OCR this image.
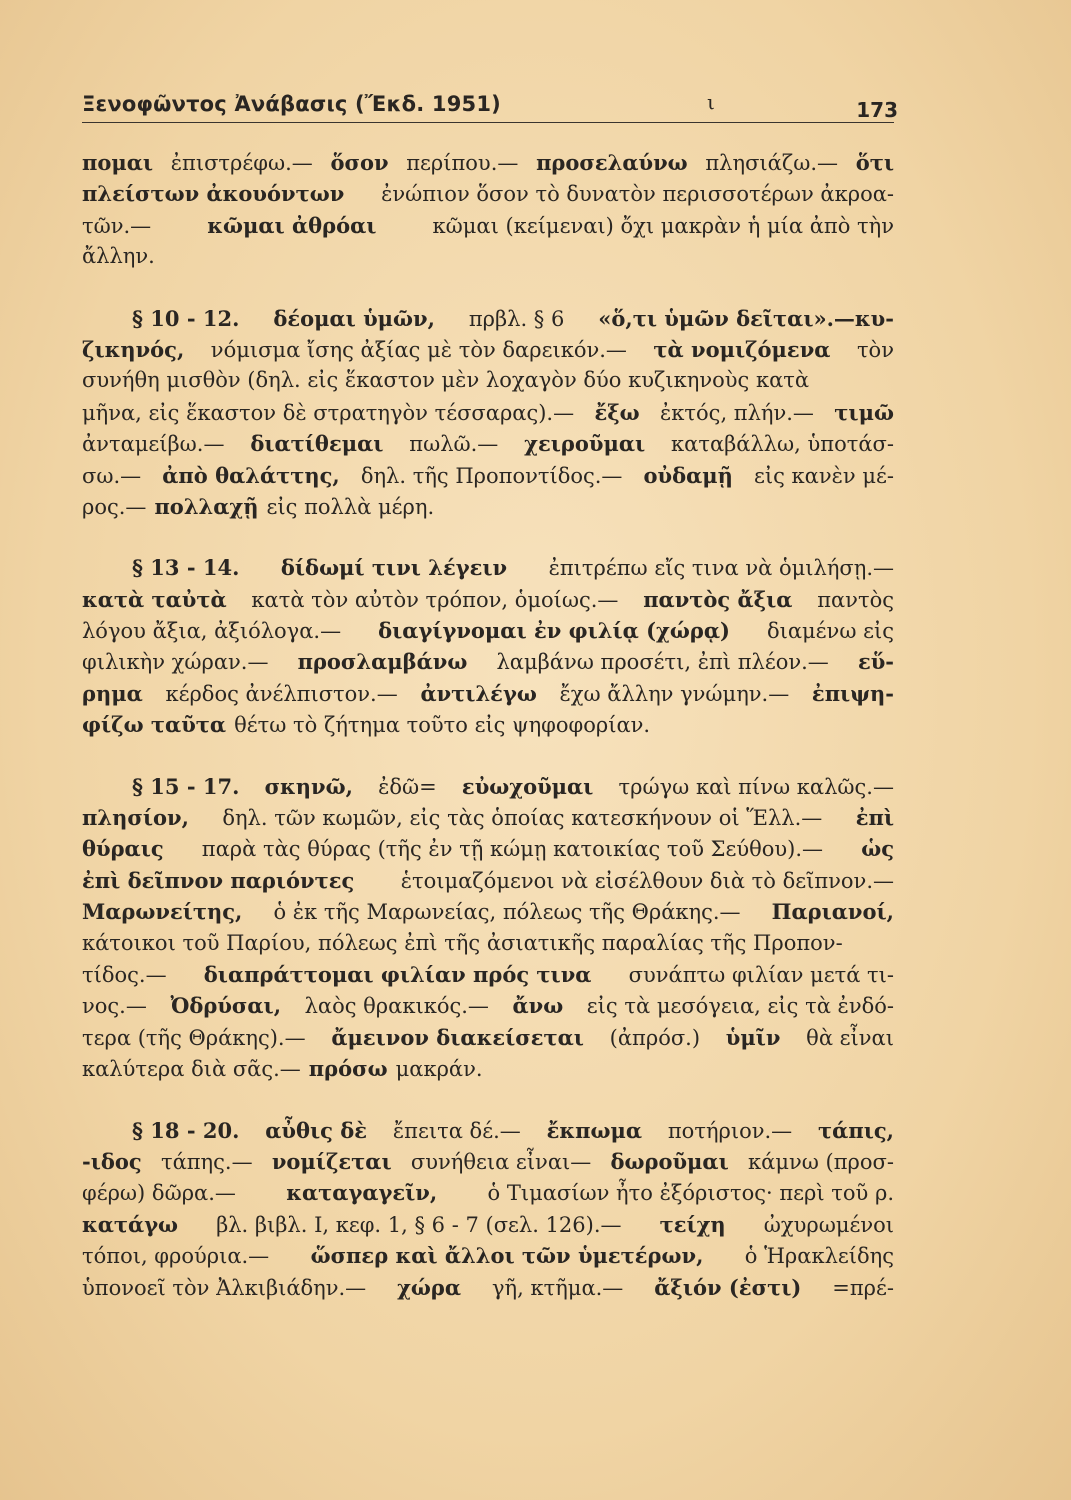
Ξενοφῶντος Ἀνάβασις (Ἔκδ. 1951)	ι	173
πομαι ἐπιστρέφω.— ὅσον περίπου.— προσελαύνω πλησιάζω.— ὅτι
πλείστων ἀκουόντων ἐνώπιον ὅσον τὸ δυνατὸν περισσοτέρων ἀκροα-
τῶν.—	κῶμαι ἀθρόαι	κῶμαι (κείμεναι) ὄχι μακρὰν ἡ μία ἀπὸ τὴν
ἄλλην.
§ 10 - 12. δέομαι ὑμῶν, πρβλ. § 6 «ὅ,τι ὑμῶν δεῖται».—κυ-
ζικηνός, νόμισμα ἴσης ἀξίας μὲ τὸν δαρεικόν.— τὰ νομιζόμενα τὸν
συνήθη μισθὸν (δηλ. εἰς ἕκαστον μὲν λοχαγὸν δύο κυζικηνοὺς κατὰ
μῆνα, εἰς ἕκαστον δὲ στρατηγὸν τέσσαρας).— ἔξω ἐκτός, πλήν.— τιμῶ
ἀνταμείβω.— διατίθεμαι πωλῶ.— χειροῦμαι καταβάλλω, ὑποτάσ-
σω.— ἀπὸ θαλάττης, δηλ. τῆς Προποντίδος.— οὐδαμῇ εἰς κανὲν μέ-
ρος.— πολλαχῇ εἰς πολλὰ μέρη.
§ 13 - 14. δίδωμί τινι λέγειν ἐπιτρέπω εἴς τινα νὰ ὁμιλήσῃ.—
κατὰ ταὐτὰ κατὰ τὸν αὐτὸν τρόπον, ὁμοίως.— παντὸς ἄξια παντὸς
λόγου ἄξια, ἀξιόλογα.— διαγίγνομαι ἐν φιλίᾳ (χώρᾳ) διαμένω εἰς
φιλικὴν χώραν.— προσλαμβάνω λαμβάνω προσέτι, ἐπὶ πλέον.— εὕ-
ρημα κέρδος ἀνέλπιστον.— ἀντιλέγω ἔχω ἄλλην γνώμην.— ἐπιψη-
φίζω ταῦτα θέτω τὸ ζήτημα τοῦτο εἰς ψηφοφορίαν.
§ 15 - 17. σκηνῶ, ἐδῶ= εὐωχοῦμαι τρώγω καὶ πίνω καλῶς.—
πλησίον, δηλ. τῶν κωμῶν, εἰς τὰς ὁποίας κατεσκήνουν οἱ Ἕλλ.— ἐπὶ
θύραις παρὰ τὰς θύρας (τῆς ἐν τῇ κώμῃ κατοικίας τοῦ Σεύθου).— ὡς
ἐπὶ δεῖπνον παριόντες ἑτοιμαζόμενοι νὰ εἰσέλθουν διὰ τὸ δεῖπνον.—
Μαρωνείτης, ὁ ἐκ τῆς Μαρωνείας, πόλεως τῆς Θράκης.— Παριανοί,
κάτοικοι τοῦ Παρίου, πόλεως ἐπὶ τῆς ἀσιατικῆς παραλίας τῆς Προπον-
τίδος.— διαπράττομαι φιλίαν πρός τινα συνάπτω φιλίαν μετά τι-
νος.— Ὀδρύσαι, λαὸς θρακικός.— ἄνω εἰς τὰ μεσόγεια, εἰς τὰ ἐνδό-
τερα (τῆς Θράκης).— ἄμεινον διακείσεται (ἀπρόσ.) ὑμῖν θὰ εἶναι
καλύτερα διὰ σᾶς.— πρόσω μακράν.
§ 18 - 20. αὖθις δὲ ἔπειτα δέ.— ἔκπωμα ποτήριον.— τάπις,
-ιδος τάπης.— νομίζεται συνήθεια εἶναι— δωροῦμαι κάμνω (προσ-
φέρω) δῶρα.— καταγαγεῖν, ὁ Τιμασίων ἦτο ἐξόριστος· περὶ τοῦ ρ.
κατάγω βλ. βιβλ. I, κεφ. 1, § 6 - 7 (σελ. 126).— τείχη ὠχυρωμένοι
τόποι, φρούρια.— ὥσπερ καὶ ἄλλοι τῶν ὑμετέρων, ὁ Ἡρακλείδης
ὑπονοεῖ τὸν Ἀλκιβιάδην.— χώρα γῆ, κτῆμα.— ἄξιόν (ἐστι) =πρέ-
